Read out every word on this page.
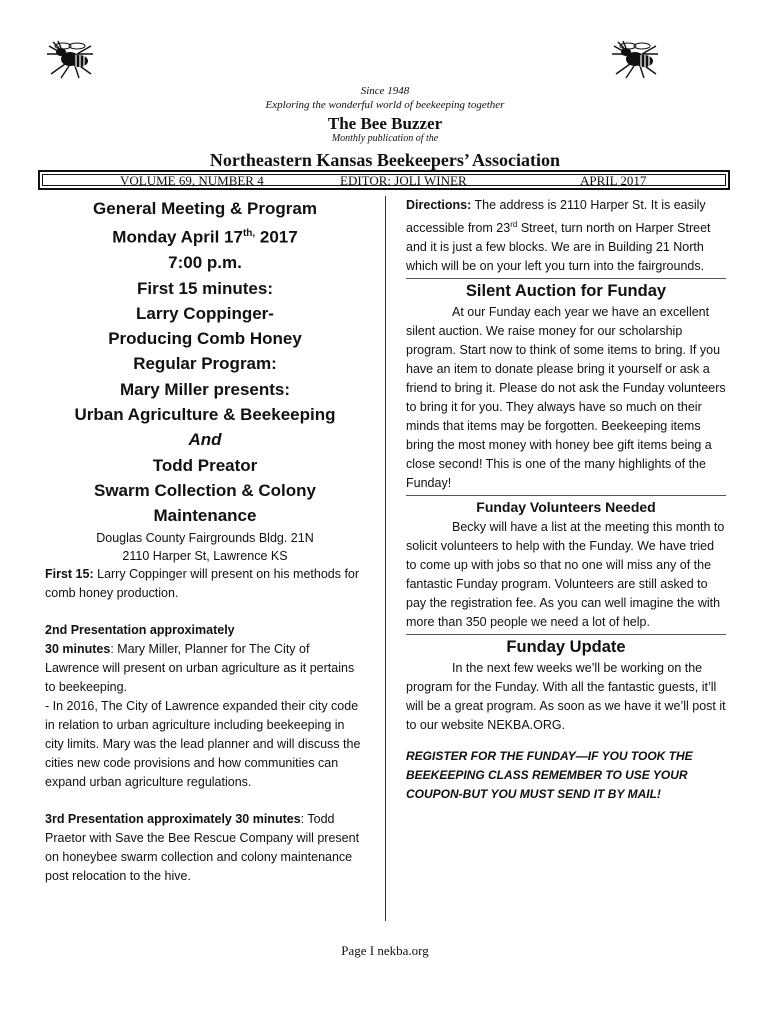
Since 1948
Exploring the wonderful world of beekeeping together
The Bee Buzzer
Monthly publication of the
Northeastern Kansas Beekeepers’ Association
VOLUME 69, NUMBER 4	EDITOR: JOLI WINER	APRIL 2017
General Meeting & Program
Monday April $17^{th,}$ 2017
7:00 p.m.
First 15 minutes:
Larry Coppinger-
Producing Comb Honey
Regular Program:
Mary Miller presents:
Urban Agriculture & Beekeeping
And
Todd Preator
Swarm Collection & Colony
Maintenance
Douglas County Fairgrounds Bldg. 21N
2110 Harper St, Lawrence KS
First 15: Larry Coppinger will present on his methods for comb honey production.
2nd Presentation approximately
30 minutes: Mary Miller, Planner for The City of Lawrence will present on urban agriculture as it pertains to beekeeping.
- In 2016, The City of Lawrence expanded their city code in relation to urban agriculture including beekeeping in city limits. Mary was the lead planner and will discuss the cities new code provisions and how communities can expand urban agriculture regulations.
3rd Presentation approximately 30 minutes: Todd Praetor with Save the Bee Rescue Company will present on honeybee swarm collection and colony maintenance post relocation to the hive.
Directions: The address is 2110 Harper St. It is easily accessible from 23rd Street, turn north on Harper Street and it is just a few blocks. We are in Building 21 North which will be on your left you turn into the fairgrounds.
Silent Auction for Funday
At our Funday each year we have an excellent silent auction. We raise money for our scholarship program. Start now to think of some items to bring. If you have an item to donate please bring it yourself or ask a friend to bring it. Please do not ask the Funday volunteers to bring it for you. They always have so much on their minds that items may be forgotten. Beekeeping items bring the most money with honey bee gift items being a close second! This is one of the many highlights of the Funday!
Funday Volunteers Needed
Becky will have a list at the meeting this month to solicit volunteers to help with the Funday. We have tried to come up with jobs so that no one will miss any of the fantastic Funday program. Volunteers are still asked to pay the registration fee. As you can well imagine the with more than 350 people we need a lot of help.
Funday Update
In the next few weeks we’ll be working on the program for the Funday. With all the fantastic guests, it’ll will be a great program. As soon as we have it we’ll post it to our website NEKBA.ORG.
REGISTER FOR THE FUNDAY—IF YOU TOOK THE BEEKEEPING CLASS REMEMBER TO USE YOUR COUPON-BUT YOU MUST SEND IT BY MAIL!
Page I nekba.org
